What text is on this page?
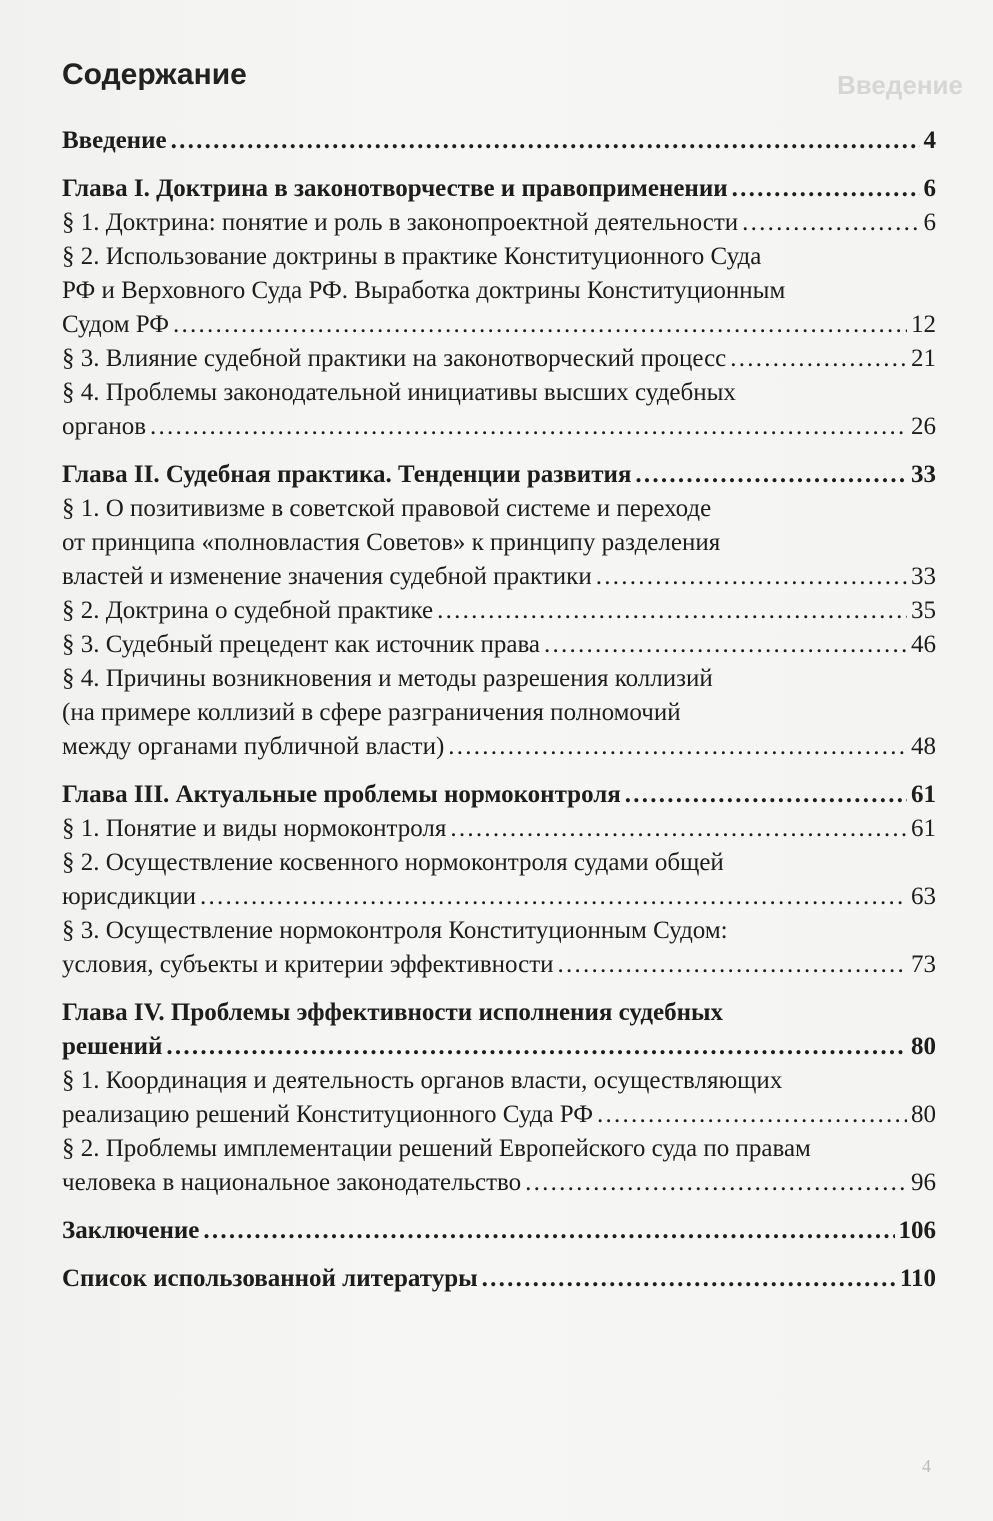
Введение
Содержание
Введение . . .	4
Глава I. Доктрина в законотворчестве и правоприменении . . .	6
§ 1. Доктрина: понятие и роль в законопроектной деятельности . . .	6
§ 2. Использование доктрины в практике Конституционного Суда
РФ и Верховного Суда РФ. Выработка доктрины Конституционным
Судом РФ . . .	12
§ 3. Влияние судебной практики на законотворческий процесс . . .	21
§ 4. Проблемы законодательной инициативы высших судебных
органов . . .	26
Глава II. Судебная практика. Тенденции развития . . .	33
§ 1. О позитивизме в советской правовой системе и переходе
от принципа «полновластия Советов» к принципу разделения
властей и изменение значения судебной практики . . .	33
§ 2. Доктрина о судебной практике . . .	35
§ 3. Судебный прецедент как источник права . . .	46
§ 4. Причины возникновения и методы разрешения коллизий
(на примере коллизий в сфере разграничения полномочий
между органами публичной власти) . . .	48
Глава III. Актуальные проблемы нормоконтроля . . .	61
§ 1. Понятие и виды нормоконтроля . . .	61
§ 2. Осуществление косвенного нормоконтроля судами общей
юрисдикции . . .	63
§ 3. Осуществление нормоконтроля Конституционным Судом:
условия, субъекты и критерии эффективности . . .	73
Глава IV. Проблемы эффективности исполнения судебных
решений . . .	80
§ 1. Координация и деятельность органов власти, осуществляющих
реализацию решений Конституционного Суда РФ . . .	80
§ 2. Проблемы имплементации решений Европейского суда по правам
человека в национальное законодательство . . .	96
Заключение . . .	106
Список использованной литературы . . .	110
4
